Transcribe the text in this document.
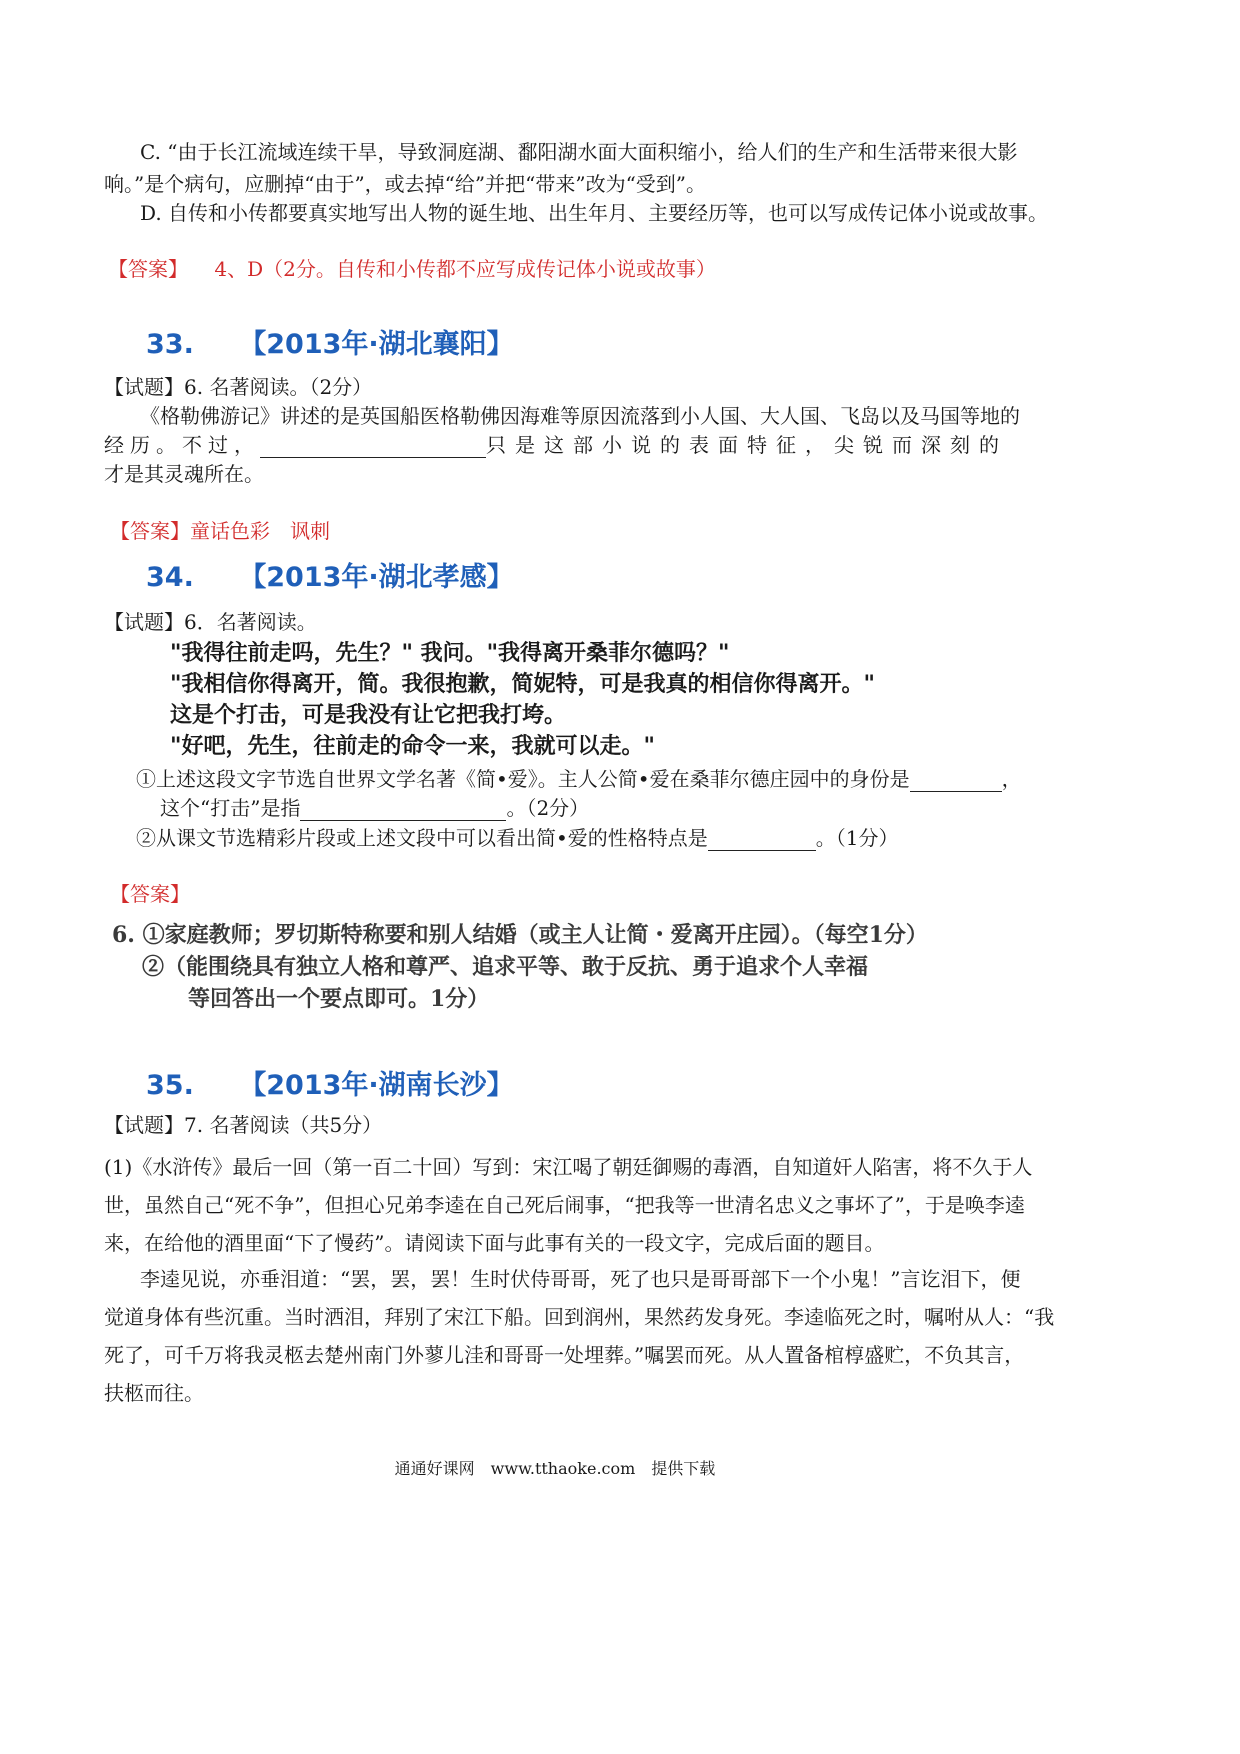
C. “由于长江流域连续干旱，导致洞庭湖、鄱阳湖水面大面积缩小，给人们的生产和生活带来很大影
响。”是个病句，应删掉“由于”，或去掉“给”并把“带来”改为“受到”。
D. 自传和小传都要真实地写出人物的诞生地、出生年月、主要经历等，也可以写成传记体小说或故事。
【答案】 4、D（2分。自传和小传都不应写成传记体小说或故事）
33. 【2013年·湖北襄阳】
【试题】6. 名著阅读。（2分）
《格勒佛游记》讲述的是英国船医格勒佛因海难等原因流落到小人国、大人国、飞岛以及马国等地的
经历。不过，	只是这部小说的表面特征，尖锐而深刻的
才是其灵魂所在。
【答案】童话色彩　讽刺
34. 【2013年·湖北孝感】
【试题】6．名著阅读。
"我得往前走吗，先生？" 我问。"我得离开桑菲尔德吗？"
"我相信你得离开，简。我很抱歉，简妮特，可是我真的相信你得离开。"
这是个打击，可是我没有让它把我打垮。
"好吧，先生，往前走的命令一来，我就可以走。"
①上述这段文字节选自世界文学名著《简•爱》。主人公简•爱在桑菲尔德庄园中的身份是	，
这个“打击”是指	。（2分）
②从课文节选精彩片段或上述文段中可以看出简•爱的性格特点是	。（1分）
【答案】
6. ①家庭教师；罗切斯特称要和别人结婚（或主人让简・爱离开庄园）。（每空1分）
②（能围绕具有独立人格和尊严、追求平等、敢于反抗、勇于追求个人幸福
等回答出一个要点即可。1分）
35. 【2013年·湖南长沙】
【试题】7. 名著阅读（共5分）
(1)《水浒传》最后一回（第一百二十回）写到：宋江喝了朝廷御赐的毒酒，自知道奸人陷害，将不久于人
世，虽然自己“死不争”，但担心兄弟李逵在自己死后闹事，“把我等一世清名忠义之事坏了”，于是唤李逵
来，在给他的酒里面“下了慢药”。请阅读下面与此事有关的一段文字，完成后面的题目。
李逵见说，亦垂泪道：“罢，罢，罢！生时伏侍哥哥，死了也只是哥哥部下一个小鬼！”言讫泪下，便
觉道身体有些沉重。当时洒泪，拜别了宋江下船。回到润州，果然药发身死。李逵临死之时，嘱咐从人：“我
死了，可千万将我灵柩去楚州南门外蓼儿洼和哥哥一处埋葬。”嘱罢而死。从人置备棺椁盛贮，不负其言，
扶柩而往。
通通好课网　www.tthaoke.com　提供下载
